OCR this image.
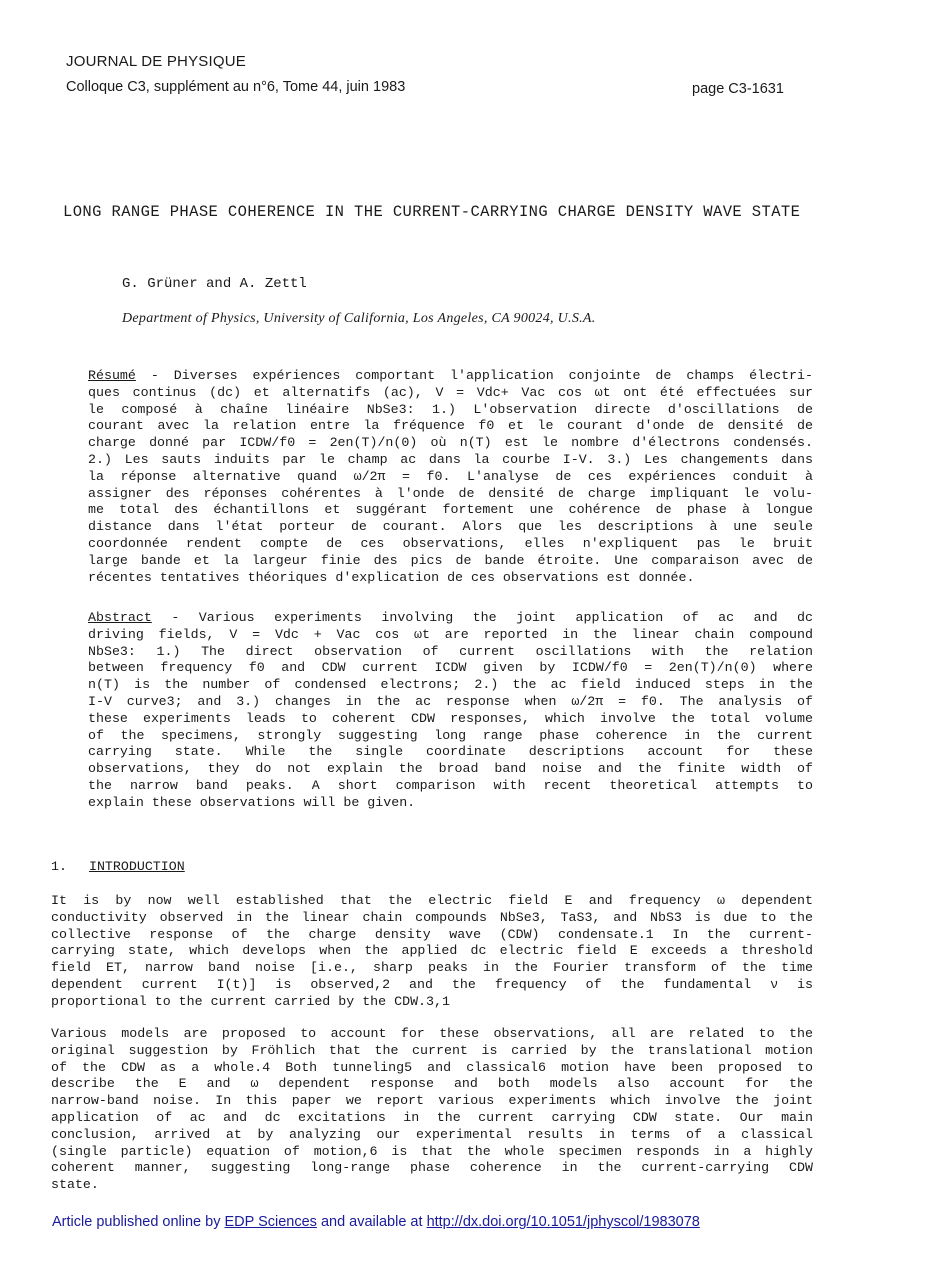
JOURNAL DE PHYSIQUE
Colloque C3, supplément au n°6, Tome 44, juin 1983	page C3-1631
LONG RANGE PHASE COHERENCE IN THE CURRENT-CARRYING CHARGE DENSITY WAVE STATE
G. Grüner and A. Zettl
Department of Physics, University of California, Los Angeles, CA 90024, U.S.A.
Résumé - Diverses expériences comportant l'application conjointe de champs électri-
ques continus (dc) et alternatifs (ac), V = Vdc+ Vac cos ωt ont été effectuées sur
le composé à chaîne linéaire NbSe3: 1.) L'observation directe d'oscillations de
courant avec la relation entre la fréquence f0 et le courant d'onde de densité de
charge donné par ICDW/f0 = 2en(T)/n(0) où n(T) est le nombre d'électrons condensés.
2.) Les sauts induits par le champ ac dans la courbe I-V. 3.) Les changements dans
la réponse alternative quand ω/2π = f0. L'analyse de ces expériences conduit à
assigner des réponses cohérentes à l'onde de densité de charge impliquant le volu-
me total des échantillons et suggérant fortement une cohérence de phase à longue
distance dans l'état porteur de courant. Alors que les descriptions à une seule
coordonnée rendent compte de ces observations, elles n'expliquent pas le bruit
large bande et la largeur finie des pics de bande étroite. Une comparaison avec de
récentes tentatives théoriques d'explication de ces observations est donnée.
Abstract - Various experiments involving the joint application of ac and dc
driving fields, V = Vdc + Vac cos ωt are reported in the linear chain compound
NbSe3: 1.) The direct observation of current oscillations with the relation
between frequency f0 and CDW current ICDW given by ICDW/f0 = 2en(T)/n(0) where
n(T) is the number of condensed electrons; 2.) the ac field induced steps in the
I-V curve3; and 3.) changes in the ac response when ω/2π = f0. The analysis of
these experiments leads to coherent CDW responses, which involve the total volume
of the specimens, strongly suggesting long range phase coherence in the current
carrying state. While the single coordinate descriptions account for these
observations, they do not explain the broad band noise and the finite width of
the narrow band peaks. A short comparison with recent theoretical attempts to
explain these observations will be given.
1. INTRODUCTION
It is by now well established that the electric field E and frequency ω dependent
conductivity observed in the linear chain compounds NbSe3, TaS3, and NbS3 is due to the
collective response of the charge density wave (CDW) condensate.1 In the current-
carrying state, which develops when the applied dc electric field E exceeds a threshold
field ET, narrow band noise [i.e., sharp peaks in the Fourier transform of the time
dependent current I(t)] is observed,2 and the frequency of the fundamental ν is
proportional to the current carried by the CDW.3,1
Various models are proposed to account for these observations, all are related to the
original suggestion by Fröhlich that the current is carried by the translational motion
of the CDW as a whole.4 Both tunneling5 and classical6 motion have been proposed to
describe the E and ω dependent response and both models also account for the
narrow-band noise. In this paper we report various experiments which involve the joint
application of ac and dc excitations in the current carrying CDW state. Our main
conclusion, arrived at by analyzing our experimental results in terms of a classical
(single particle) equation of motion,6 is that the whole specimen responds in a highly
coherent manner, suggesting long-range phase coherence in the current-carrying CDW
state.
Article published online by EDP Sciences and available at http://dx.doi.org/10.1051/jphyscol/1983078
